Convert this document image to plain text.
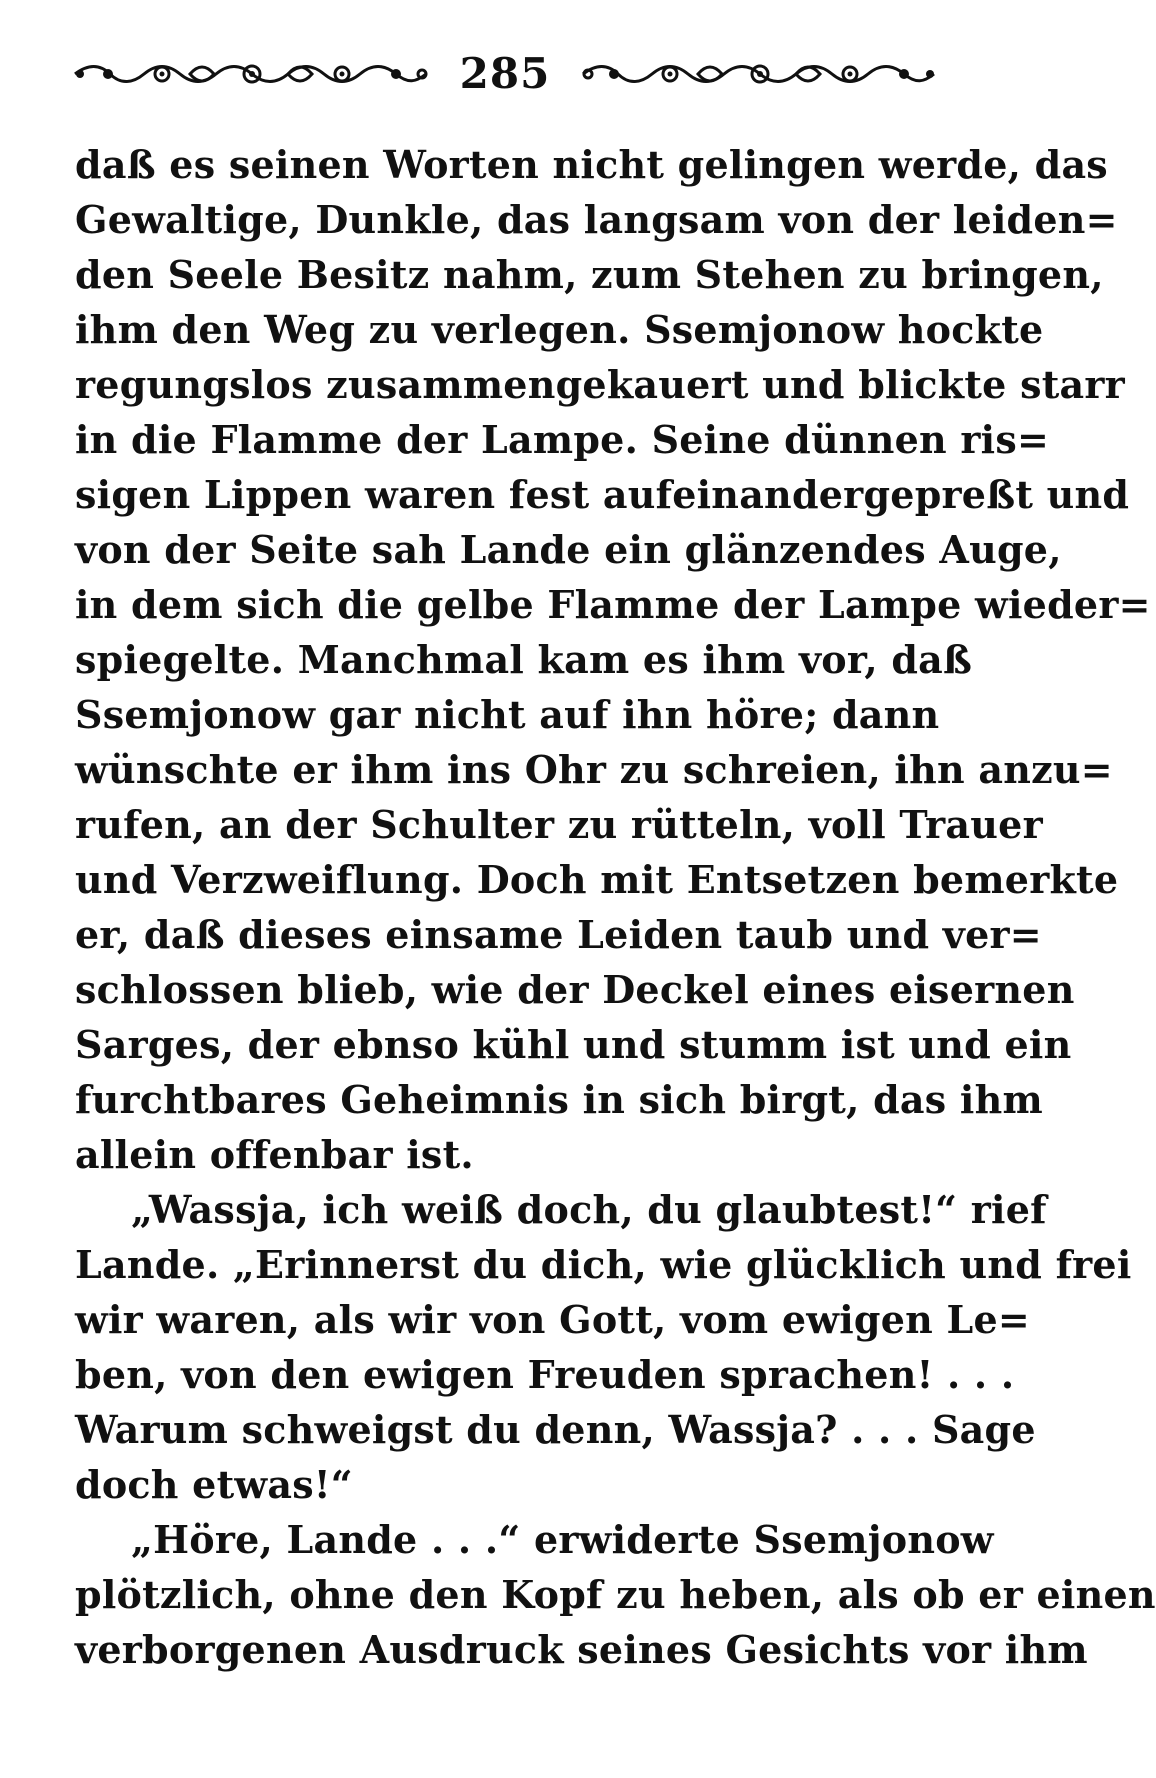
285
daß es seinen Worten nicht gelingen werde, das
Gewaltige, Dunkle, das langsam von der leiden=
den Seele Besitz nahm, zum Stehen zu bringen,
ihm den Weg zu verlegen. Ssemjonow hockte
regungslos zusammengekauert und blickte starr
in die Flamme der Lampe. Seine dünnen ris=
sigen Lippen waren fest aufeinandergepreßt und
von der Seite sah Lande ein glänzendes Auge,
in dem sich die gelbe Flamme der Lampe wieder=
spiegelte. Manchmal kam es ihm vor, daß
Ssemjonow gar nicht auf ihn höre; dann
wünschte er ihm ins Ohr zu schreien, ihn anzu=
rufen, an der Schulter zu rütteln, voll Trauer
und Verzweiflung. Doch mit Entsetzen bemerkte
er, daß dieses einsame Leiden taub und ver=
schlossen blieb, wie der Deckel eines eisernen
Sarges, der ebnso kühl und stumm ist und ein
furchtbares Geheimnis in sich birgt, das ihm
allein offenbar ist.
„Wassja, ich weiß doch, du glaubtest!“ rief
Lande. „Erinnerst du dich, wie glücklich und frei
wir waren, als wir von Gott, vom ewigen Le=
ben, von den ewigen Freuden sprachen! . . .
Warum schweigst du denn, Wassja? . . . Sage
doch etwas!“
„Höre, Lande . . .“ erwiderte Ssemjonow
plötzlich, ohne den Kopf zu heben, als ob er einen
verborgenen Ausdruck seines Gesichts vor ihm
